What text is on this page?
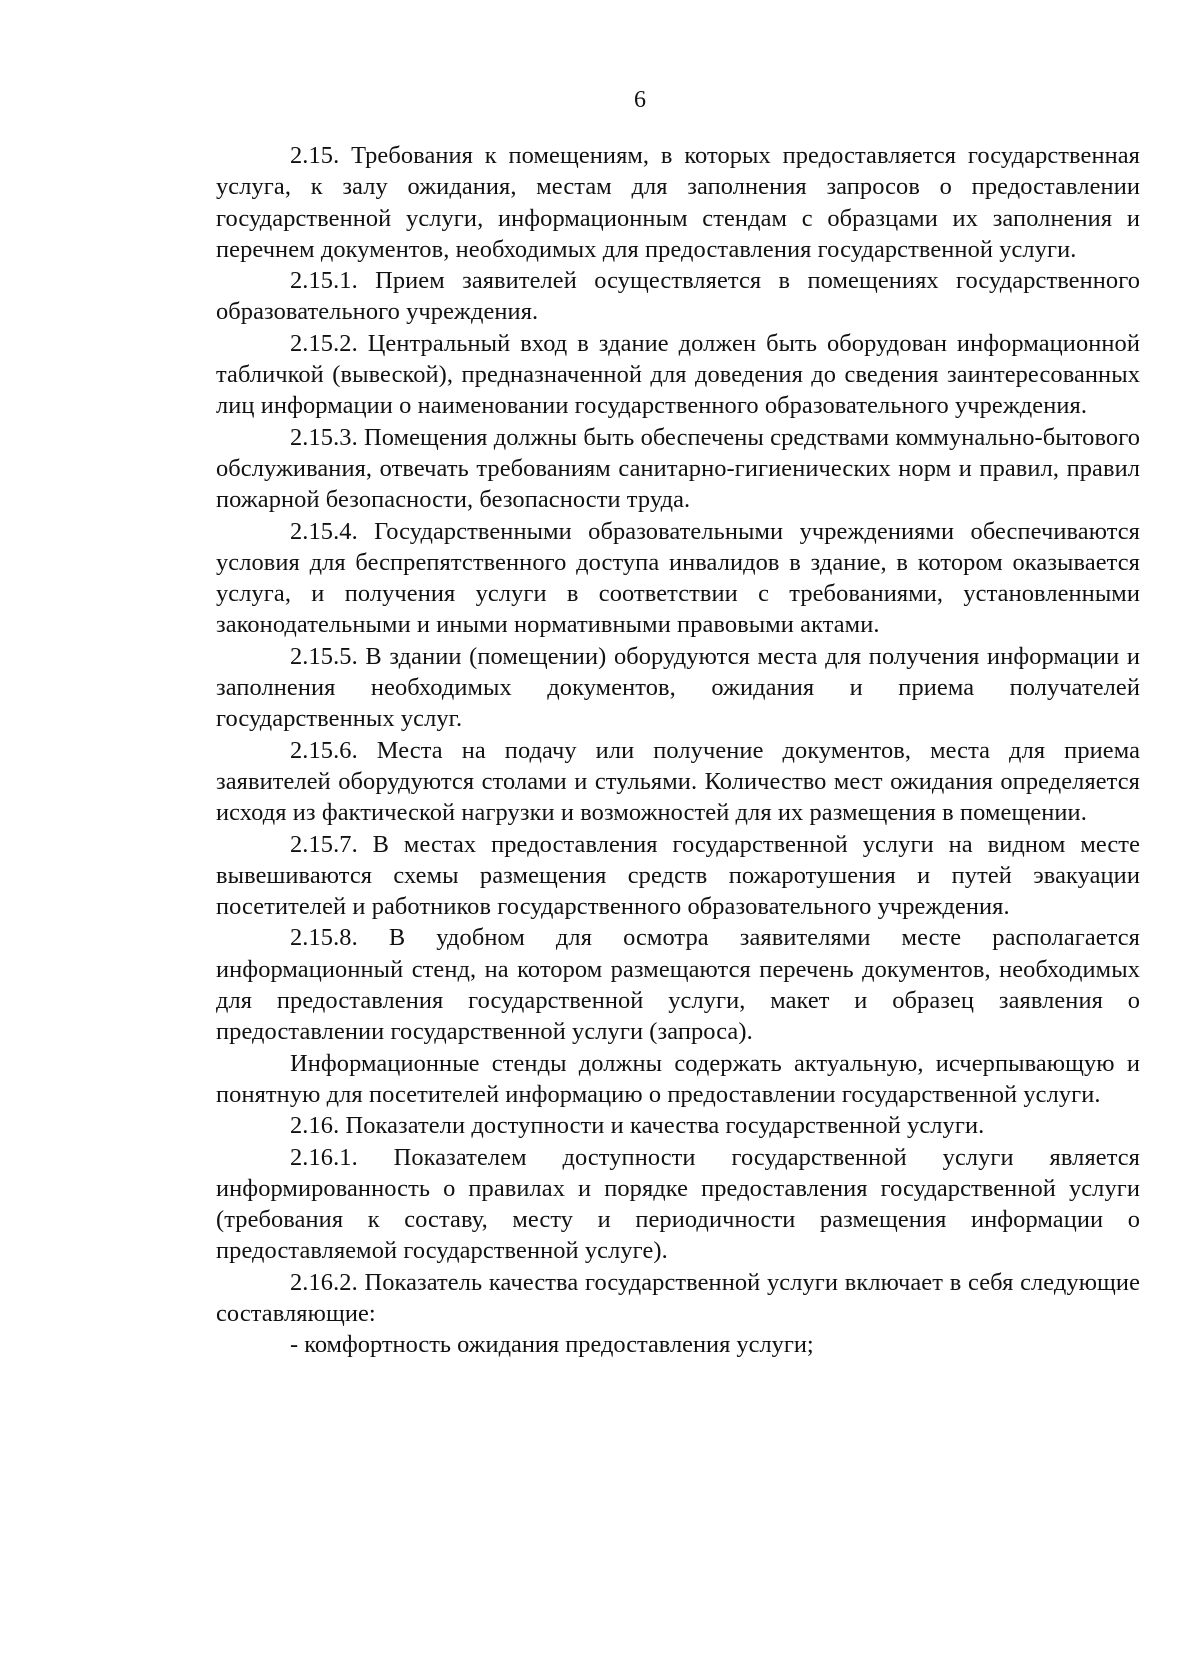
6

2.15. Требования к помещениям, в которых предоставляется государственная услуга, к залу ожидания, местам для заполнения запросов о предоставлении государственной услуги, информационным стендам с образцами их заполнения и перечнем документов, необходимых для предоставления государственной услуги.

2.15.1. Прием заявителей осуществляется в помещениях государственного образовательного учреждения.

2.15.2. Центральный вход в здание должен быть оборудован информационной табличкой (вывеской), предназначенной для доведения до сведения заинтересованных лиц информации о наименовании государственного образовательного учреждения.

2.15.3. Помещения должны быть обеспечены средствами коммунально-бытового обслуживания, отвечать требованиям санитарно-гигиенических норм и правил, правил пожарной безопасности, безопасности труда.

2.15.4. Государственными образовательными учреждениями обеспечиваются условия для беспрепятственного доступа инвалидов в здание, в котором оказывается услуга, и получения услуги в соответствии с требованиями, установленными законодательными и иными нормативными правовыми актами.

2.15.5. В здании (помещении) оборудуются места для получения информации и заполнения необходимых документов, ожидания и приема получателей государственных услуг.

2.15.6. Места на подачу или получение документов, места для приема заявителей оборудуются столами и стульями. Количество мест ожидания определяется исходя из фактической нагрузки и возможностей для их размещения в помещении.

2.15.7. В местах предоставления государственной услуги на видном месте вывешиваются схемы размещения средств пожаротушения и путей эвакуации посетителей и работников государственного образовательного учреждения.

2.15.8. В удобном для осмотра заявителями месте располагается информационный стенд, на котором размещаются перечень документов, необходимых для предоставления государственной услуги, макет и образец заявления о предоставлении государственной услуги (запроса).

Информационные стенды должны содержать актуальную, исчерпывающую и понятную для посетителей информацию о предоставлении государственной услуги.

2.16. Показатели доступности и качества государственной услуги.

2.16.1. Показателем доступности государственной услуги является информированность о правилах и порядке предоставления государственной услуги (требования к составу, месту и периодичности размещения информации о предоставляемой государственной услуге).

2.16.2. Показатель качества государственной услуги включает в себя следующие составляющие:

- комфортность ожидания предоставления услуги;
